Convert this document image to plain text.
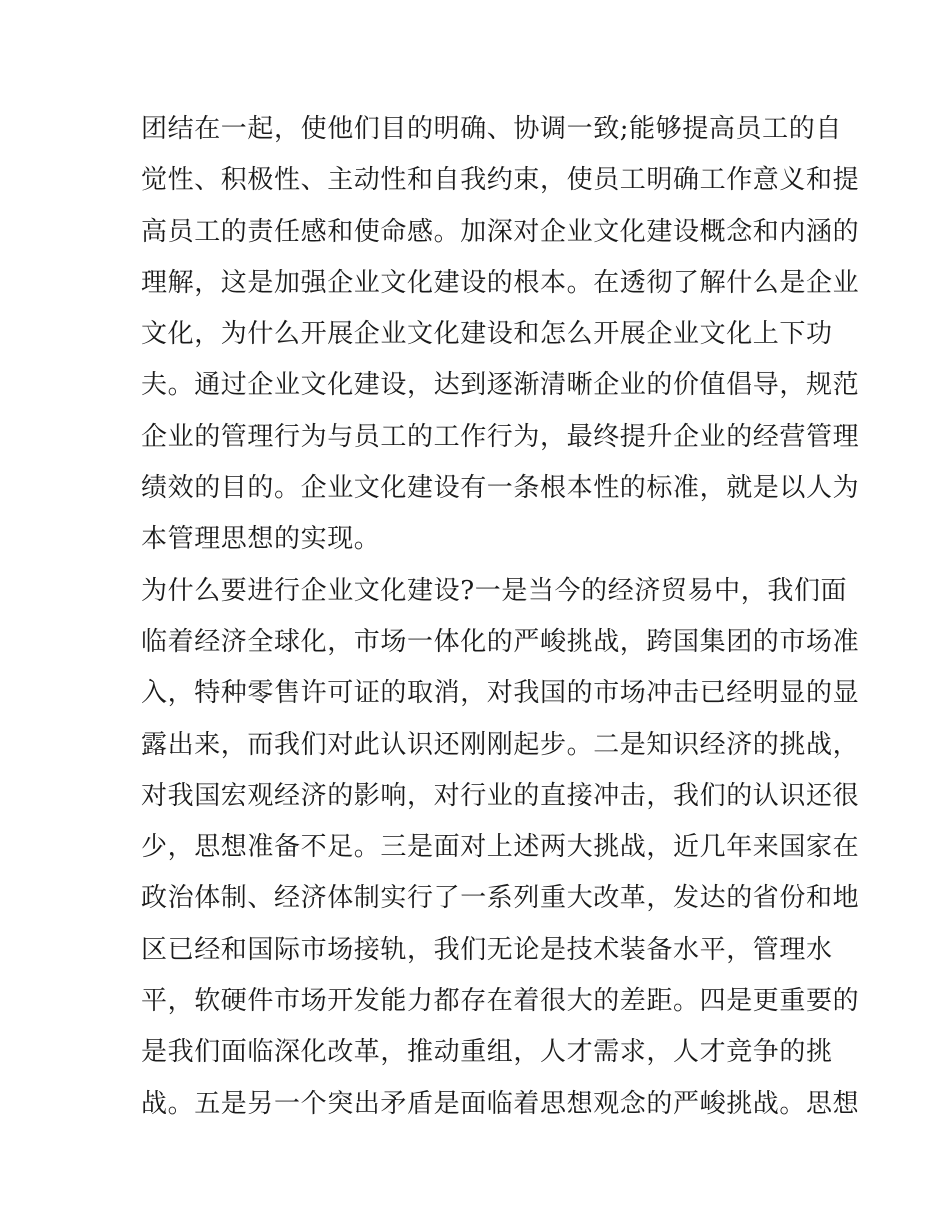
团结在一起，使他们目的明确、协调一致;能够提高员工的自
觉性、积极性、主动性和自我约束，使员工明确工作意义和提
高员工的责任感和使命感。加深对企业文化建设概念和内涵的
理解，这是加强企业文化建设的根本。在透彻了解什么是企业
文化，为什么开展企业文化建设和怎么开展企业文化上下功
夫。通过企业文化建设，达到逐渐清晰企业的价值倡导，规范
企业的管理行为与员工的工作行为，最终提升企业的经营管理
绩效的目的。企业文化建设有一条根本性的标准，就是以人为
本管理思想的实现。
为什么要进行企业文化建设?一是当今的经济贸易中，我们面
临着经济全球化，市场一体化的严峻挑战，跨国集团的市场准
入，特种零售许可证的取消，对我国的市场冲击已经明显的显
露出来，而我们对此认识还刚刚起步。二是知识经济的挑战，
对我国宏观经济的影响，对行业的直接冲击，我们的认识还很
少，思想准备不足。三是面对上述两大挑战，近几年来国家在
政治体制、经济体制实行了一系列重大改革，发达的省份和地
区已经和国际市场接轨，我们无论是技术装备水平，管理水
平，软硬件市场开发能力都存在着很大的差距。四是更重要的
是我们面临深化改革，推动重组，人才需求，人才竞争的挑
战。五是另一个突出矛盾是面临着思想观念的严峻挑战。思想
